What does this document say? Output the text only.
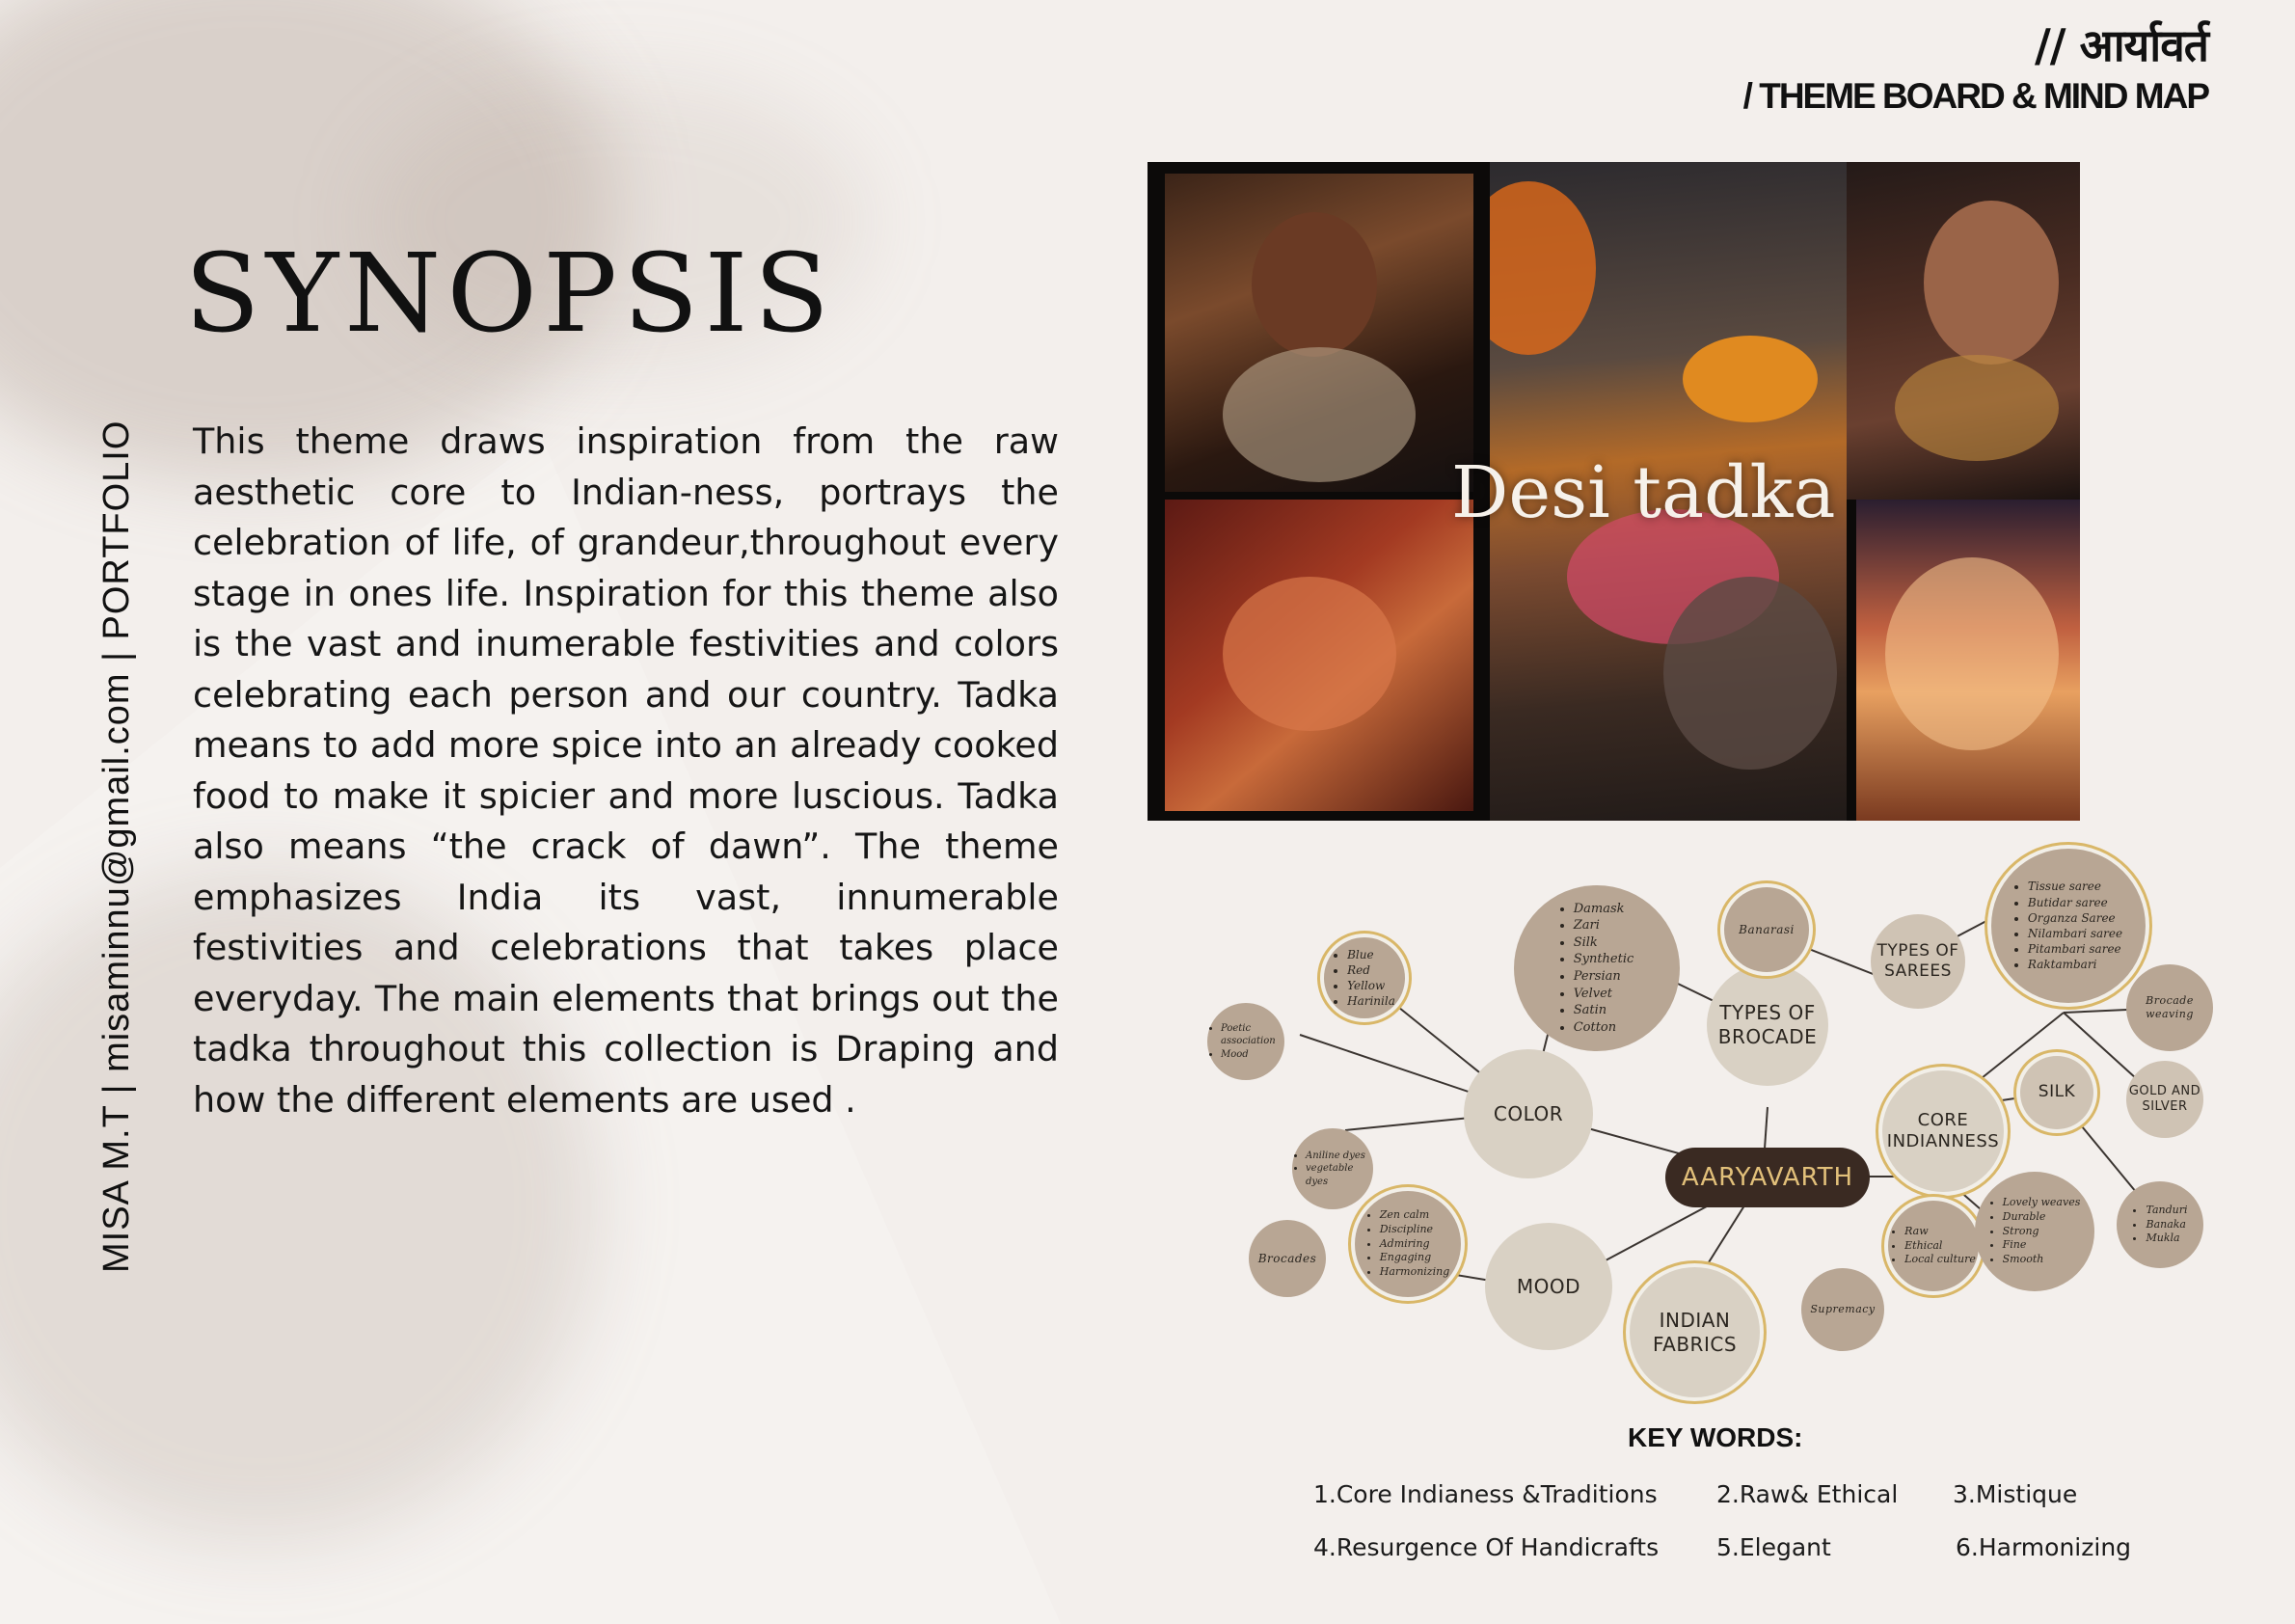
// आर्यावर्त
/ THEME BOARD & MIND MAP
MISA M.T | misaminnu@gmail.com | PORTFOLIO
SYNOPSIS
This theme draws inspiration from the raw aesthetic core to Indian-ness, portrays the celebration of life, of grandeur,throughout every stage in ones life. Inspiration for this theme also is the vast and inumerable festivities and colors celebrating each person and our country. Tadka means to add more spice into an already cooked food to make it spicier and more luscious. Tadka also means “the crack of dawn”. The theme emphasizes India its vast, innumerable festivities and celebrations that takes place everyday. The main elements that brings out the tadka throughout this collection is Draping and how the different elements are used .
Desi tadka
AARYAVARTH
COLOR
MOOD
INDIAN
FABRICS
TYPES OF
BROCADE
TYPES OF
SAREES
CORE
INDIANNESS
SILK	GOLD AND
SILVER
Banarasi
Brocade weaving
Brocades
Supremacy
• Blue
• Red
• Yellow
• Harinila
• Poetic association
• Mood
• Aniline dyes
• vegetable dyes
• Zen calm
• Discipline
• Admiring
• Engaging
• Harmonizing
• Damask
• Zari
• Silk
• Synthetic
• Persian
• Velvet
• Satin
• Cotton
• Tissue saree
• Butidar saree
• Organza Saree
• Nilambari saree
• Pitambari saree
• Raktambari
• Raw
• Ethical
• Local culture
• Lovely weaves
• Durable
• Strong
• Fine
• Smooth
• Tanduri
• Banaka
• Mukla
KEY WORDS:
1.Core Indianess &Traditions 2.Raw& Ethical 3.Mistique
4.Resurgence Of Handicrafts 5.Elegant	6.Harmonizing
